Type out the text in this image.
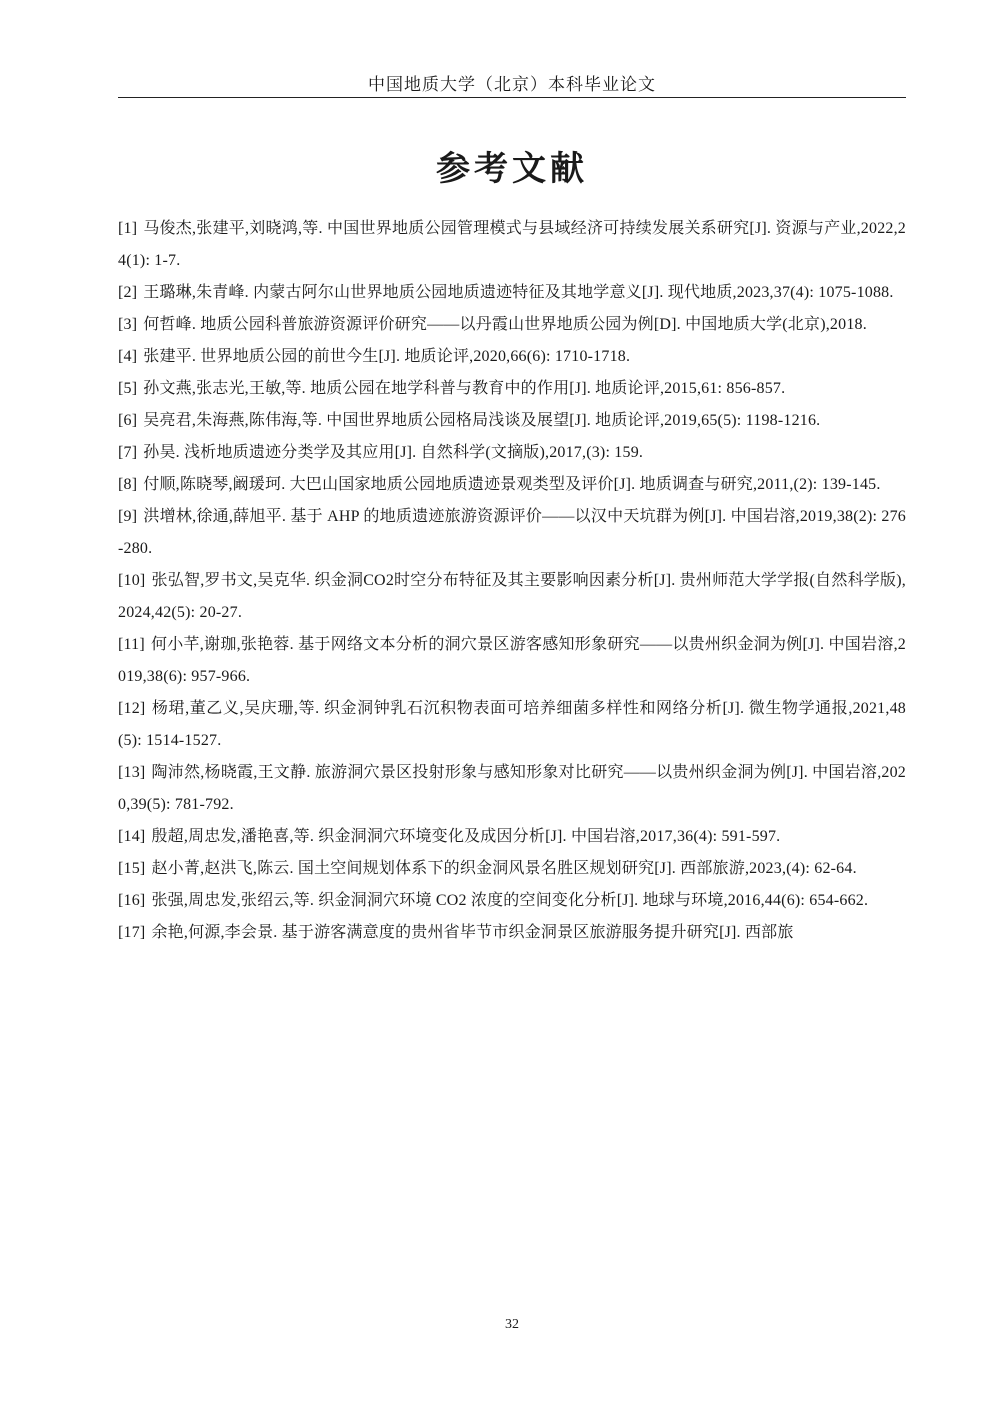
中国地质大学（北京）本科毕业论文
参考文献

[1] 马俊杰,张建平,刘晓鸿,等. 中国世界地质公园管理模式与县域经济可持续发展关系研究[J]. 资源与产业,2022,24(1): 1-7.

[2] 王璐琳,朱青峰. 内蒙古阿尔山世界地质公园地质遗迹特征及其地学意义[J]. 现代地质,2023,37(4): 1075-1088.

[3] 何哲峰. 地质公园科普旅游资源评价研究——以丹霞山世界地质公园为例[D]. 中国地质大学(北京),2018.

[4] 张建平. 世界地质公园的前世今生[J]. 地质论评,2020,66(6): 1710-1718.

[5] 孙文燕,张志光,王敏,等. 地质公园在地学科普与教育中的作用[J]. 地质论评,2015,61: 856-857.

[6] 吴亮君,朱海燕,陈伟海,等. 中国世界地质公园格局浅谈及展望[J]. 地质论评,2019,65(5): 1198-1216.

[7] 孙昊. 浅析地质遗迹分类学及其应用[J]. 自然科学(文摘版),2017,(3): 159.

[8] 付顺,陈晓琴,阚瑗珂. 大巴山国家地质公园地质遗迹景观类型及评价[J]. 地质调查与研究,2011,(2): 139-145.

[9] 洪增林,徐通,薛旭平. 基于 AHP 的地质遗迹旅游资源评价——以汉中天坑群为例[J]. 中国岩溶,2019,38(2): 276-280.

[10] 张弘智,罗书文,吴克华. 织金洞CO2时空分布特征及其主要影响因素分析[J]. 贵州师范大学学报(自然科学版),2024,42(5): 20-27.

[11] 何小芊,谢珈,张艳蓉. 基于网络文本分析的洞穴景区游客感知形象研究——以贵州织金洞为例[J]. 中国岩溶,2019,38(6): 957-966.

[12] 杨珺,董乙义,吴庆珊,等. 织金洞钟乳石沉积物表面可培养细菌多样性和网络分析[J]. 微生物学通报,2021,48(5): 1514-1527.

[13] 陶沛然,杨晓霞,王文静. 旅游洞穴景区投射形象与感知形象对比研究——以贵州织金洞为例[J]. 中国岩溶,2020,39(5): 781-792.

[14] 殷超,周忠发,潘艳喜,等. 织金洞洞穴环境变化及成因分析[J]. 中国岩溶,2017,36(4): 591-597.

[15] 赵小菁,赵洪飞,陈云. 国土空间规划体系下的织金洞风景名胜区规划研究[J]. 西部旅游,2023,(4): 62-64.

[16] 张强,周忠发,张绍云,等. 织金洞洞穴环境 CO2 浓度的空间变化分析[J]. 地球与环境,2016,44(6): 654-662.

[17] 余艳,何源,李会景. 基于游客满意度的贵州省毕节市织金洞景区旅游服务提升研究[J]. 西部旅

32
